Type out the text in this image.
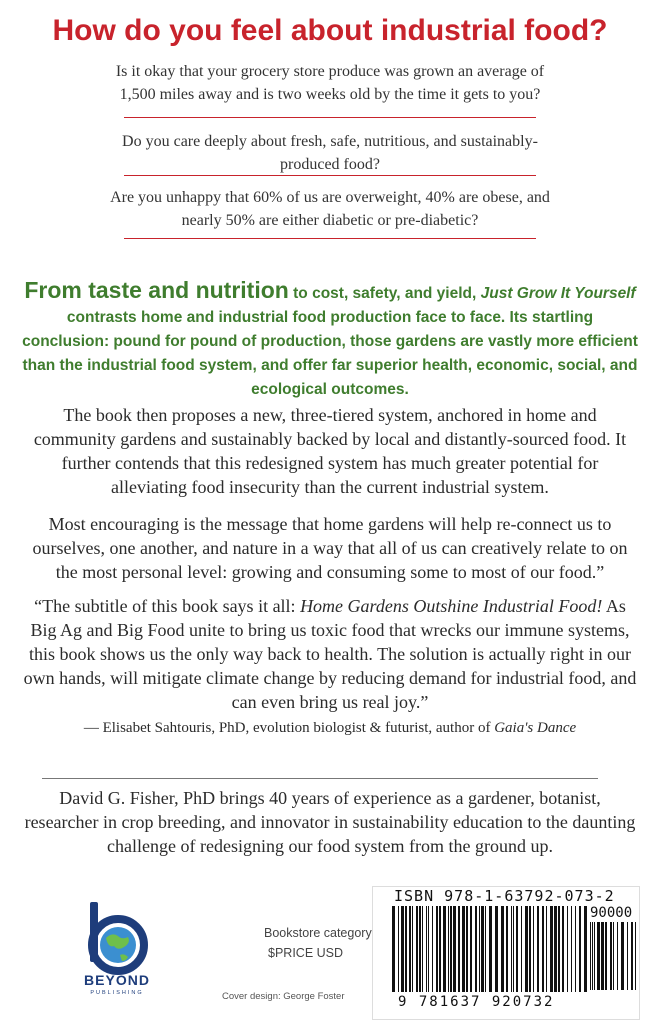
How do you feel about industrial food?
Is it okay that your grocery store produce was grown an average of 1,500 miles away and is two weeks old by the time it gets to you?
Do you care deeply about fresh, safe, nutritious, and sustainably-produced food?
Are you unhappy that 60% of us are overweight, 40% are obese, and nearly 50% are either diabetic or pre-diabetic?
From taste and nutrition to cost, safety, and yield, Just Grow It Yourself contrasts home and industrial food production face to face. Its startling conclusion: pound for pound of production, those gardens are vastly more efficient than the industrial food system, and offer far superior health, economic, social, and ecological outcomes.
The book then proposes a new, three-tiered system, anchored in home and community gardens and sustainably backed by local and distantly-sourced food. It further contends that this redesigned system has much greater potential for alleviating food insecurity than the current industrial system.
Most encouraging is the message that home gardens will help re-connect us to ourselves, one another, and nature in a way that all of us can creatively relate to on the most personal level: growing and consuming some to most of our food.”
“The subtitle of this book says it all: Home Gardens Outshine Industrial Food! As Big Ag and Big Food unite to bring us toxic food that wrecks our immune systems, this book shows us the only way back to health. The solution is actually right in our own hands, will mitigate climate change by reducing demand for industrial food, and can even bring us real joy.”
— Elisabet Sahtouris, PhD, evolution biologist & futurist, author of Gaia's Dance
David G. Fisher, PhD brings 40 years of experience as a gardener, botanist, researcher in crop breeding, and innovator in sustainability education to the daunting challenge of redesigning our food system from the ground up.
BEYOND
PUBLISHING
Bookstore category
$PRICE USD
Cover design: George Foster
ISBN 978-1-63792-073-2
90000
9 781637 920732
